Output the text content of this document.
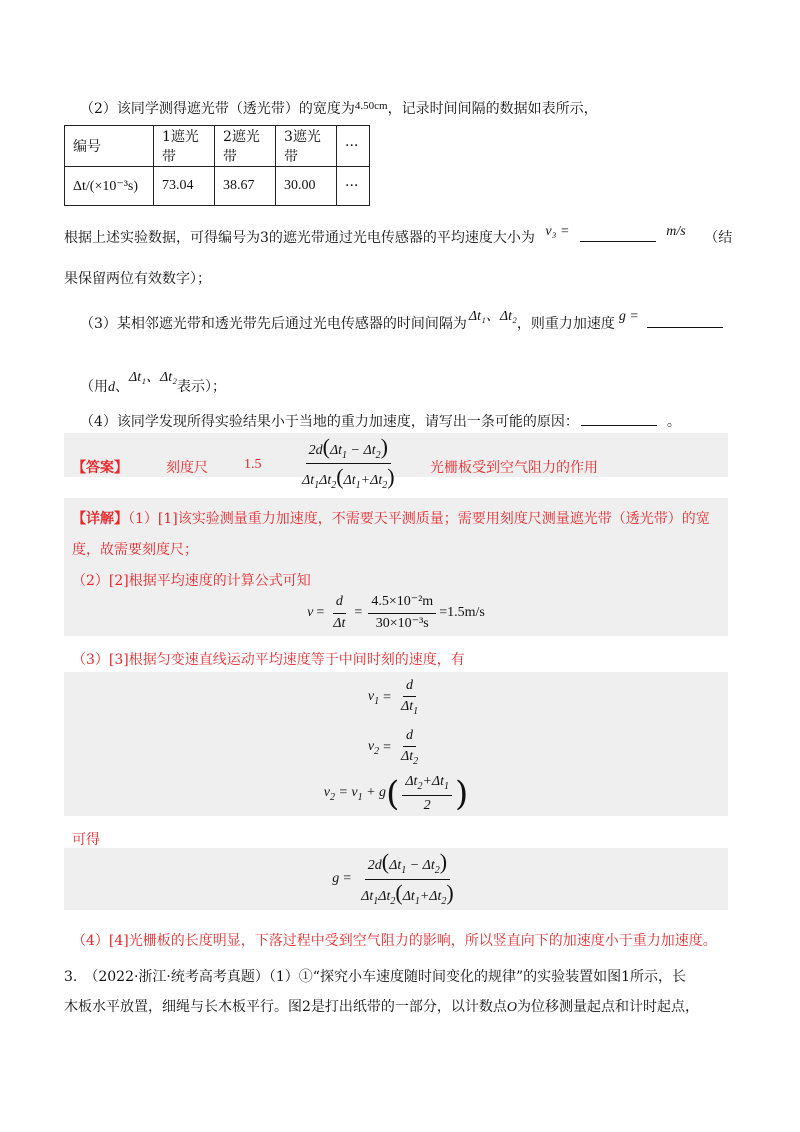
（2）该同学测得遮光带（透光带）的宽度为$^{4.50cm}$，记录时间间隔的数据如表所示，
编号	1遮光带	2遮光带	3遮光带	···
Δt/(×10⁻³s)	73.04	38.67	30.00	···
根据上述实验数据，可得编号为3的遮光带通过光电传感器的平均速度大小为 v₃ =	m/s （结
果保留两位有效数字）；
（3）某相邻遮光带和透光带先后通过光电传感器的时间间隔为 Δt₁、Δt₂，则重力加速度 g =
（用d、Δt₁、Δt₂表示）；
（4）该同学发现所得实验结果小于当地的重力加速度，请写出一条可能的原因：	。
【答案】	刻度尺	1.5	$\frac{2d(\Delta t_1 - \Delta t_2)}{\Delta t_1\Delta t_2(\Delta t_1+\Delta t_2)}$ 光栅板受到空气阻力的作用
【详解】（1）[1]该实验测量重力加速度，不需要天平测质量；需要用刻度尺测量遮光带（透光带）的宽
度，故需要刻度尺；
（2）[2]根据平均速度的计算公式可知
$v = \frac{d}{\Delta t} = \frac{\text{4.5×10⁻²m}}{\text{30×10⁻³s}} =1.5m/s$
（3）[3]根据匀变速直线运动平均速度等于中间时刻的速度，有
$v_1 = \frac{d}{\Delta t_1}$
$v_2 = \frac{d}{\Delta t_2}$
$v_2 = v_1 + g$ ( $\frac{\Delta t_2+\Delta t_1}{2}$ )
可得
$g = \frac{2d(\Delta t_1 - \Delta t_2)}{\Delta t_1\Delta t_2(\Delta t_1+\Delta t_2)}$
（4）[4]光栅板的长度明显，下落过程中受到空气阻力的影响，所以竖直向下的加速度小于重力加速度。
3.　（2022·浙江·统考高考真题）（1）①“探究小车速度随时间变化的规律”的实验装置如图1所示，长
木板水平放置，细绳与长木板平行。图2是打出纸带的一部分，以计数点O为位移测量起点和计时起点，
